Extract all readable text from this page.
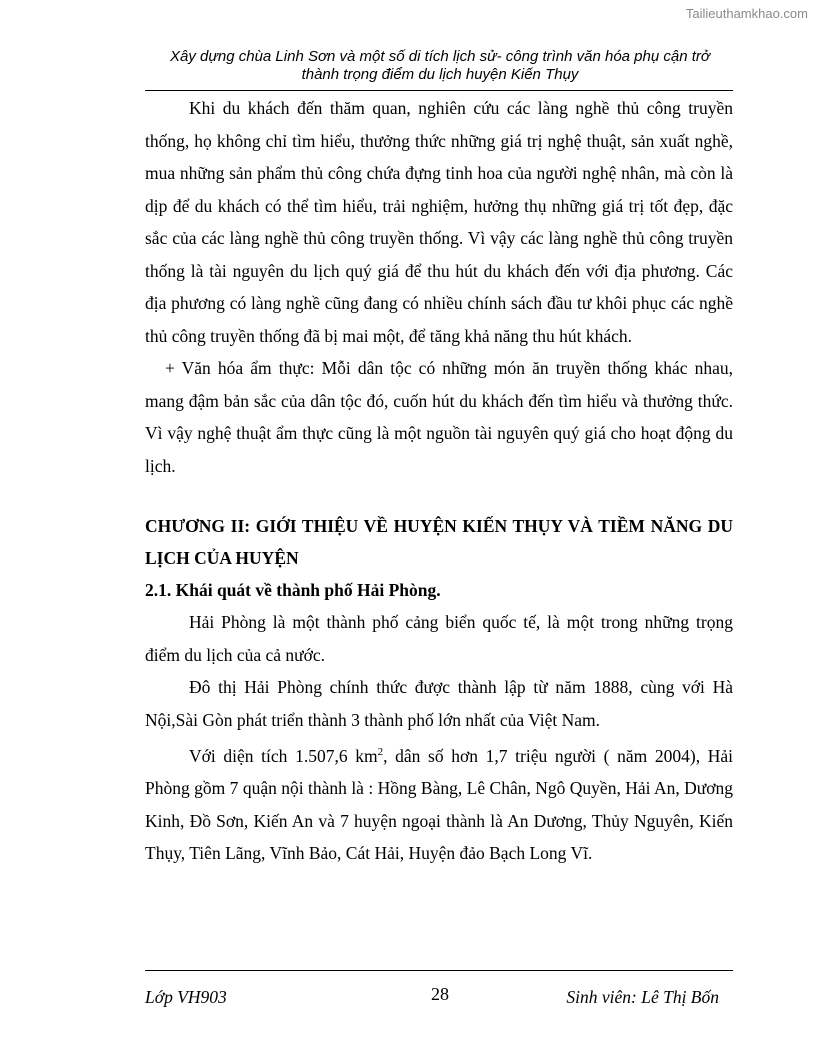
Tailieuthamkhao.com
Xây dựng chùa Linh Sơn và một số di tích lịch sử- công trình văn hóa phụ cận trở
thành trọng điểm du lịch huyện Kiến Thụy

Khi du khách đến thăm quan, nghiên cứu các làng nghề thủ công truyền thống, họ không chỉ tìm hiểu, thưởng thức những giá trị nghệ thuật, sản xuất nghề, mua những sản phẩm thủ công chứa đựng tinh hoa của người nghệ nhân, mà còn là dịp để du khách có thể tìm hiểu, trải nghiệm, hưởng thụ những giá trị tốt đẹp, đặc sắc của các làng nghề thủ công truyền thống. Vì vậy các làng nghề thủ công truyền thống là tài nguyên du lịch quý giá để thu hút du khách đến với địa phương. Các địa phương có làng nghề cũng đang có nhiều chính sách đầu tư khôi phục các nghề thủ công truyền thống đã bị mai một, để tăng khả năng thu hút khách.

+ Văn hóa ẩm thực: Mỗi dân tộc có những món ăn truyền thống khác nhau, mang đậm bản sắc của dân tộc đó, cuốn hút du khách đến tìm hiểu và thưởng thức. Vì vậy nghệ thuật ẩm thực cũng là một nguồn tài nguyên quý giá cho hoạt động du lịch.

CHƯƠNG II: GIỚI THIỆU VỀ HUYỆN KIẾN THỤY VÀ TIỀM NĂNG DU LỊCH CỦA HUYỆN

2.1. Khái quát về thành phố Hải Phòng.

Hải Phòng là một thành phố cảng biển quốc tế, là một trong những trọng điểm du lịch của cả nước.

Đô thị Hải Phòng chính thức được thành lập từ năm 1888, cùng với Hà Nội,Sài Gòn phát triển thành 3 thành phố lớn nhất của Việt Nam.

Với diện tích 1.507,6 $km^2$, dân số hơn 1,7 triệu người ( năm 2004), Hải Phòng gồm 7 quận nội thành là : Hồng Bàng, Lê Chân, Ngô Quyền, Hải An, Dương Kinh, Đồ Sơn, Kiến An và 7 huyện ngoại thành là An Dương, Thủy Nguyên, Kiến Thụy, Tiên Lãng, Vĩnh Bảo, Cát Hải, Huyện đảo Bạch Long Vĩ.

Lớp VH903	28	Sinh viên: Lê Thị Bốn
